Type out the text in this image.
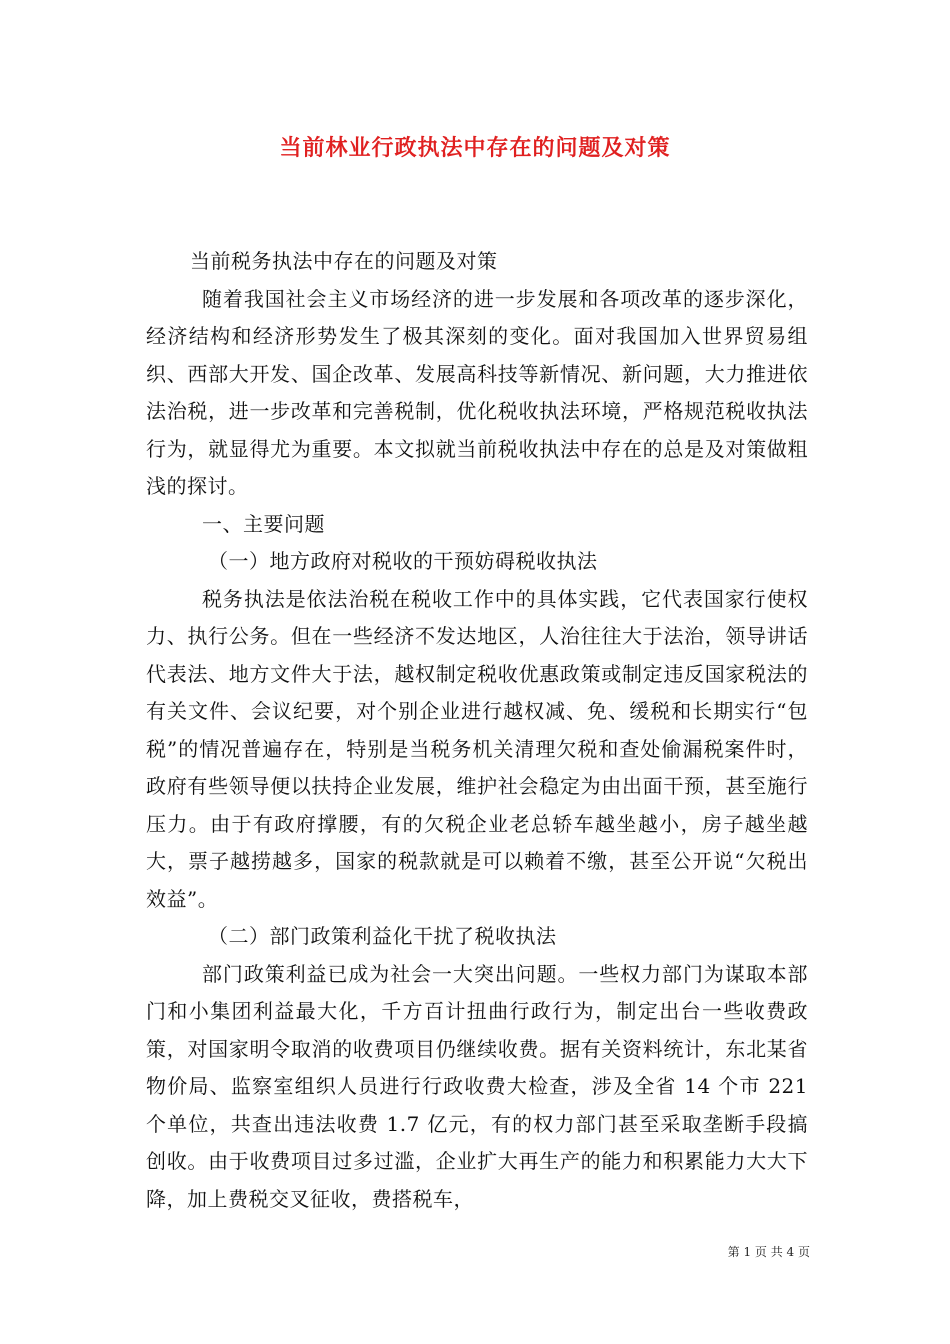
当前林业行政执法中存在的问题及对策

当前税务执法中存在的问题及对策

随着我国社会主义市场经济的进一步发展和各项改革的逐步深化，经济结构和经济形势发生了极其深刻的变化。面对我国加入世界贸易组织、西部大开发、国企改革、发展高科技等新情况、新问题，大力推进依法治税，进一步改革和完善税制，优化税收执法环境，严格规范税收执法行为，就显得尤为重要。本文拟就当前税收执法中存在的总是及对策做粗浅的探讨。

一、主要问题

（一）地方政府对税收的干预妨碍税收执法

税务执法是依法治税在税收工作中的具体实践，它代表国家行使权力、执行公务。但在一些经济不发达地区，人治往往大于法治，领导讲话代表法、地方文件大于法，越权制定税收优惠政策或制定违反国家税法的有关文件、会议纪要，对个别企业进行越权减、免、缓税和长期实行“包税”的情况普遍存在，特别是当税务机关清理欠税和查处偷漏税案件时，政府有些领导便以扶持企业发展，维护社会稳定为由出面干预，甚至施行压力。由于有政府撑腰，有的欠税企业老总轿车越坐越小，房子越坐越大，票子越捞越多，国家的税款就是可以赖着不缴，甚至公开说“欠税出效益”。

（二）部门政策利益化干扰了税收执法

部门政策利益已成为社会一大突出问题。一些权力部门为谋取本部门和小集团利益最大化，千方百计扭曲行政行为，制定出台一些收费政策，对国家明令取消的收费项目仍继续收费。据有关资料统计，东北某省物价局、监察室组织人员进行行政收费大检查，涉及全省 14 个市 221 个单位，共查出违法收费 1.7 亿元，有的权力部门甚至采取垄断手段搞创收。由于收费项目过多过滥，企业扩大再生产的能力和积累能力大大下降，加上费税交叉征收，费搭税车，

第 1 页 共 4 页
